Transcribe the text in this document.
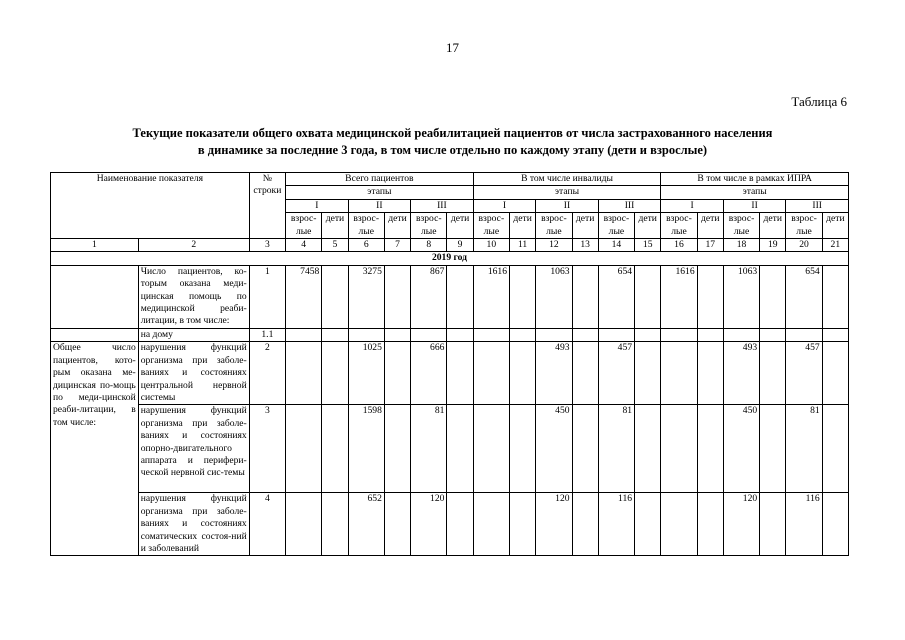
17
Таблица 6
Текущие показатели общего охвата медицинской реабилитацией пациентов от числа застрахованного населения
в динамике за последние 3 года, в том числе отдельно по каждому этапу (дети и взрослые)
Наименование показателя		№ строки	Всего пациентов						В том числе инвалиды						В том числе в рамках ИПРА					
			этапы						этапы						этапы					
			I		II		III		I		II		III		I		II		III	
			взрос-лые	дети	взрос-лые	дети	взрос-лые	дети	взрос-лые	дети	взрос-лые	дети	взрос-лые	дети	взрос-лые	дети	взрос-лые	дети	взрос-лые	дети
1	2	3	4	5	6	7	8	9	10	11	12	13	14	15	16	17	18	19	20	21
2019 год																				
	Число пациентов, ко-торым оказана меди-цинская помощь по медицинской реаби-литации, в том числе:	1	7458		3275		867		1616		1063		654		1616		1063		654	
	на дому	1.1																		
Общее число пациентов, кото-рым оказана ме-дицинская по-мощь по меди-цинской реаби-литации, в том числе:	нарушения функций организма при заболе-ваниях и состояниях центральной нервной системы	2			1025		666				493		457				493		457	
	нарушения функций организма при заболе-ваниях и состояниях опорно-двигательного аппарата и перифери-ческой нервной сис-темы	3			1598		81				450		81				450		81	
	нарушения функций организма при заболе-ваниях и состояниях соматических состоя-ний и заболеваний	4			652		120				120		116				120		116	
